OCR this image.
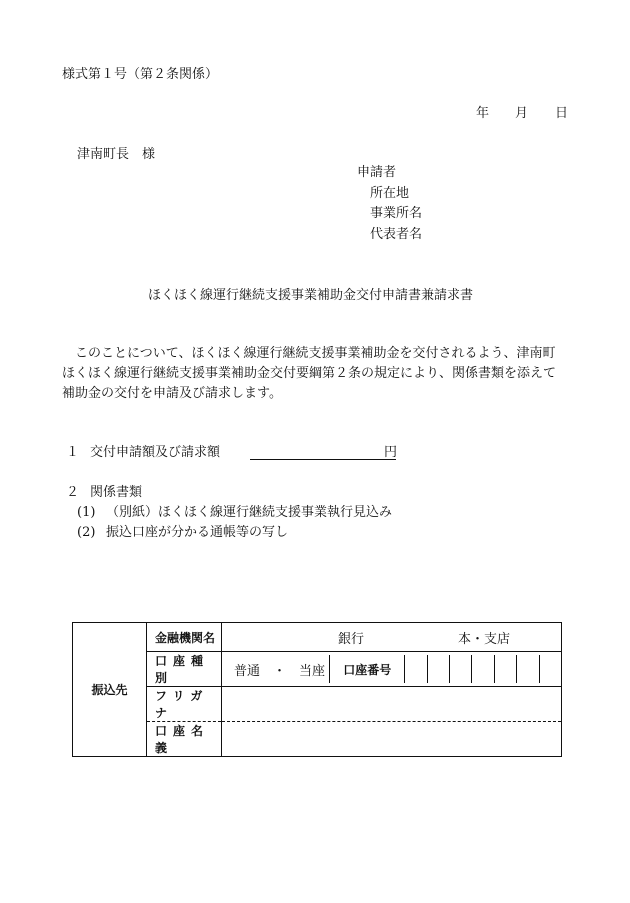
様式第１号（第２条関係）
年 月 日
津南町長　様
申請者
所在地
事業所名
代表者名
ほくほく線運行継続支援事業補助金交付申請書兼請求書
このことについて、ほくほく線運行継続支援事業補助金を交付されるよう、津南町
ほくほく線運行継続支援事業補助金交付要綱第２条の規定により、関係書類を添えて
補助金の交付を申請及び請求します。
１ 交付申請額及び請求額	円
２ 関係書類
(1) （別紙）ほくほく線運行継続支援事業執行見込み
(2) 振込口座が分かる通帳等の写し
振込先	金融機関名	銀行 本・支店

	口座種別	普通　・　当座 口座番号

	フリガナ	
	口座名義	
